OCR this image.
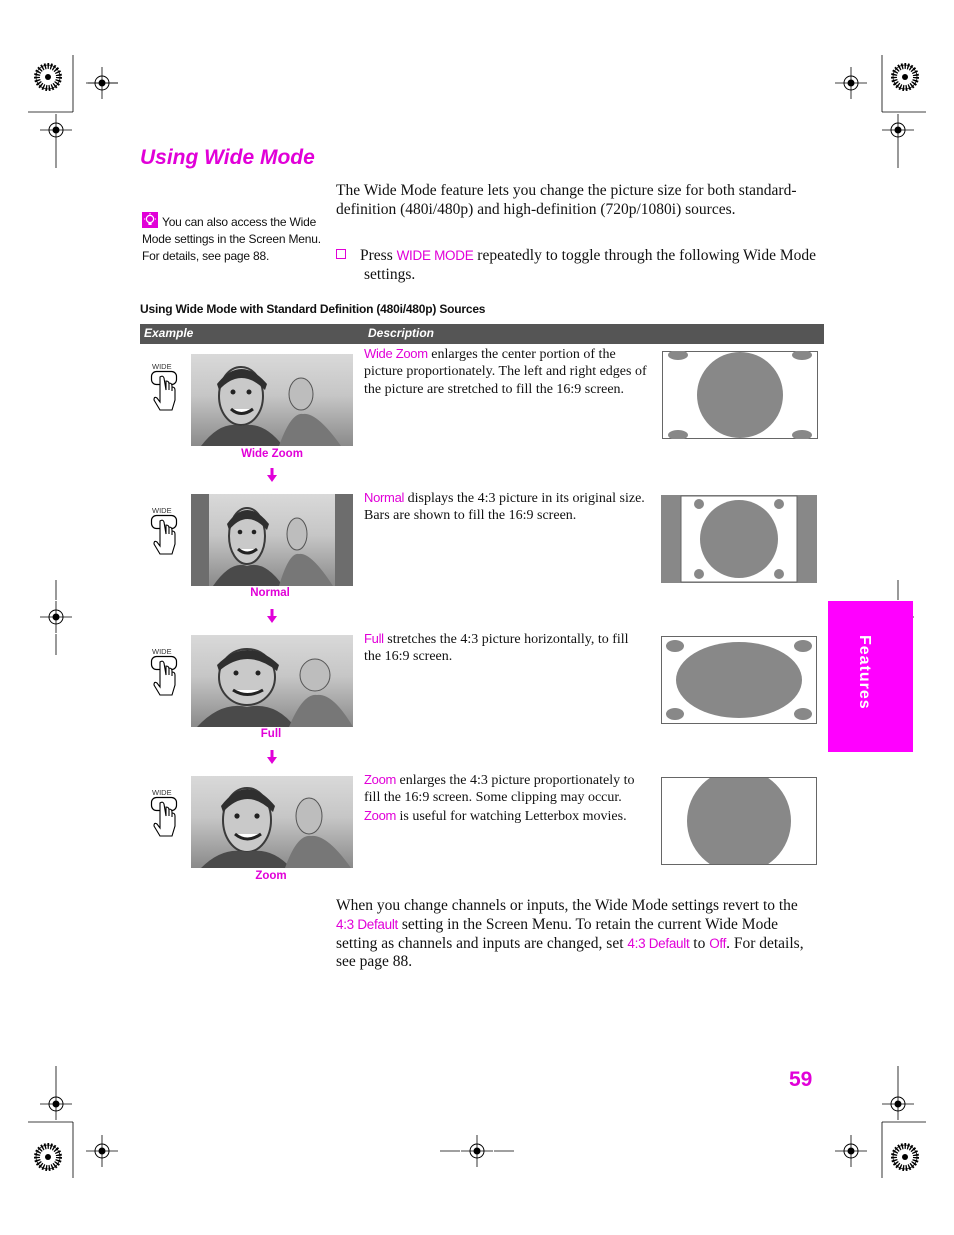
Using Wide Mode
The Wide Mode feature lets you change the picture size for both standard-definition (480i/480p) and high-definition (720p/1080i) sources.
You can also access the Wide Mode settings in the Screen Menu. For details, see page 88.	Press WIDE MODE repeatedly to toggle through the following Wide Mode settings.
Using Wide Mode with Standard Definition (480i/480p) Sources
Example	Description
WIDE
Wide Zoom
Wide Zoom enlarges the center portion of the picture proportionately. The left and right edges of the picture are stretched to fill the 16:9 screen.
WIDE
Normal
Normal displays the 4:3 picture in its original size. Bars are shown to fill the 16:9 screen.
WIDE
Full
Full stretches the 4:3 picture horizontally, to fill the 16:9 screen.
WIDE
Zoom
Zoom enlarges the 4:3 picture proportionately to fill the 16:9 screen. Some clipping may occur. Zoom is useful for watching Letterbox movies.
When you change channels or inputs, the Wide Mode settings revert to the 4:3 Default setting in the Screen Menu. To retain the current Wide Mode setting as channels and inputs are changed, set 4:3 Default to Off. For details, see page 88.
Features
59
